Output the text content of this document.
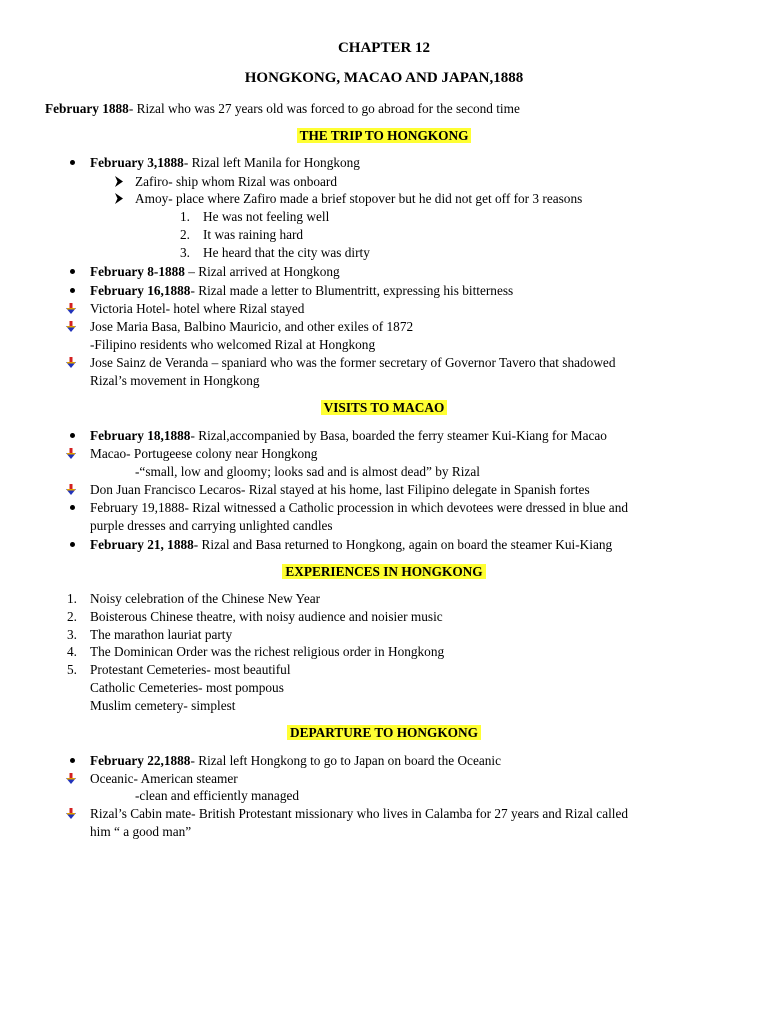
CHAPTER 12
HONGKONG, MACAO AND JAPAN,1888
February 1888- Rizal who was 27 years old was forced to go abroad for the second time
THE TRIP TO HONGKONG
February 3,1888- Rizal left Manila for Hongkong
Zafiro- ship whom Rizal was onboard
Amoy- place where Zafiro made a brief stopover but he did not get off for 3 reasons
1. He was not feeling well
2. It was raining hard
3. He heard that the city was dirty
February 8-1888 – Rizal arrived at Hongkong
February 16,1888- Rizal made a letter to Blumentritt, expressing his bitterness
Victoria Hotel- hotel where Rizal stayed
Jose Maria Basa, Balbino Mauricio, and other exiles of 1872
-Filipino residents who welcomed Rizal at Hongkong
Jose Sainz de Veranda – spaniard who was the former secretary of Governor Tavero that shadowed
Rizal’s movement in Hongkong
VISITS TO MACAO
February 18,1888- Rizal,accompanied by Basa, boarded the ferry steamer Kui-Kiang for Macao
Macao- Portugeese colony near Hongkong
-“small, low and gloomy; looks sad and is almost dead” by Rizal
Don Juan Francisco Lecaros- Rizal stayed at his home, last Filipino delegate in Spanish fortes
February 19,1888- Rizal witnessed a Catholic procession in which devotees were dressed in blue and
purple dresses and carrying unlighted candles
February 21, 1888- Rizal and Basa returned to Hongkong, again on board the steamer Kui-Kiang
EXPERIENCES IN HONGKONG
1. Noisy celebration of the Chinese New Year
2. Boisterous Chinese theatre, with noisy audience and noisier music
3. The marathon lauriat party
4. The Dominican Order was the richest religious order in Hongkong
5. Protestant Cemeteries- most beautiful
Catholic Cemeteries- most pompous
Muslim cemetery- simplest
DEPARTURE TO HONGKONG
February 22,1888- Rizal left Hongkong to go to Japan on board the Oceanic
Oceanic- American steamer
-clean and efficiently managed
Rizal’s Cabin mate- British Protestant missionary who lives in Calamba for 27 years and Rizal called
him “ a good man”
